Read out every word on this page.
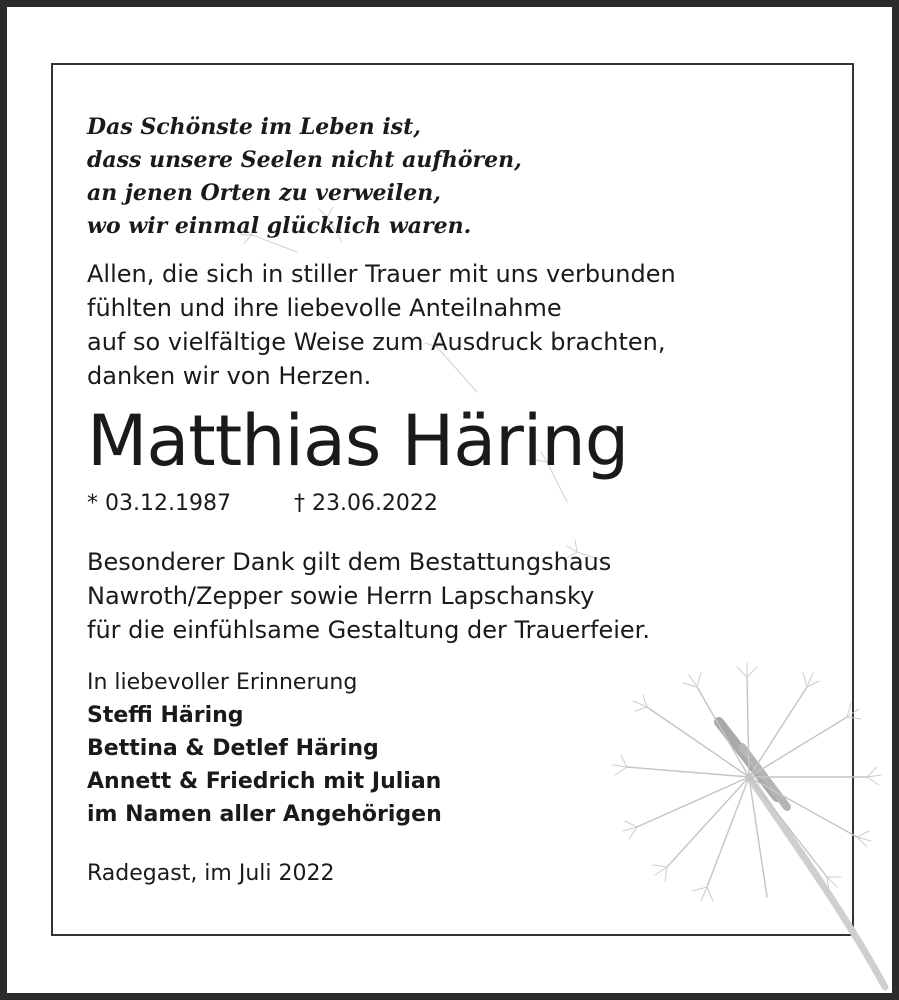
Das Schönste im Leben ist,
dass unsere Seelen nicht aufhören,
an jenen Orten zu verweilen,
wo wir einmal glücklich waren.
Allen, die sich in stiller Trauer mit uns verbunden
fühlten und ihre liebevolle Anteilnahme
auf so vielfältige Weise zum Ausdruck brachten,
danken wir von Herzen.
Matthias Häring
* 03.12.1987	† 23.06.2022
Besonderer Dank gilt dem Bestattungshaus
Nawroth/Zepper sowie Herrn Lapschansky
für die einfühlsame Gestaltung der Trauerfeier.
In liebevoller Erinnerung
Steffi Häring
Bettina & Detlef Häring
Annett & Friedrich mit Julian
im Namen aller Angehörigen
Radegast, im Juli 2022
